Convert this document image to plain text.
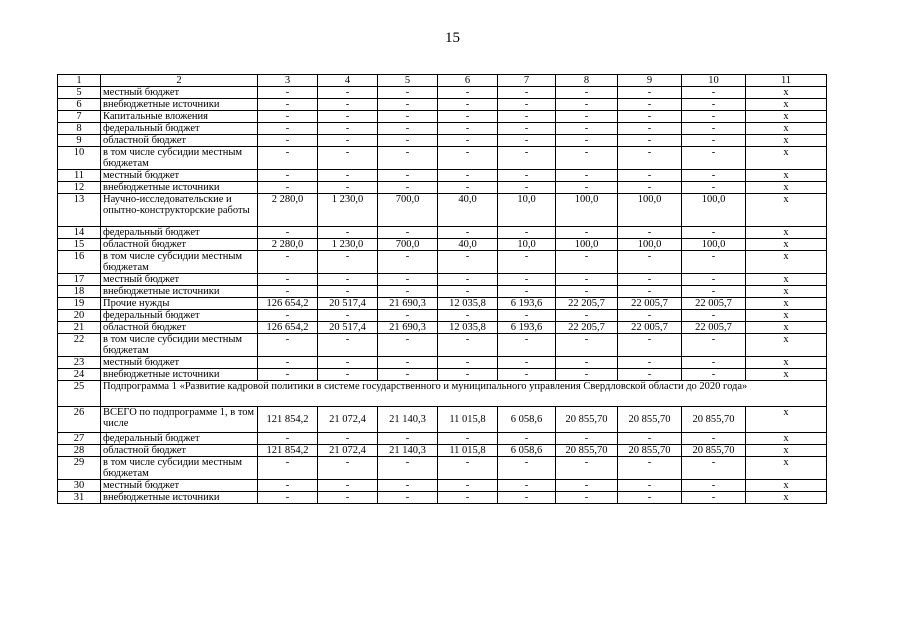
15
1	2	3	4	5	6	7	8	9	10	11
5	местный бюджет	-	-	-	-	-	-	-	-	x
6	внебюджетные источники	-	-	-	-	-	-	-	-	x
7	Капитальные вложения	-	-	-	-	-	-	-	-	x
8	федеральный бюджет	-	-	-	-	-	-	-	-	x
9	областной бюджет	-	-	-	-	-	-	-	-	x
10	в том числе субсидии местным бюджетам	-	-	-	-	-	-	-	-	x
11	местный бюджет	-	-	-	-	-	-	-	-	x
12	внебюджетные источники	-	-	-	-	-	-	-	-	x
13	Научно-исследовательские и опытно-конструкторские работы	2 280,0	1 230,0	700,0	40,0	10,0	100,0	100,0	100,0	x
14	федеральный бюджет	-	-	-	-	-	-	-	-	x
15	областной бюджет	2 280,0	1 230,0	700,0	40,0	10,0	100,0	100,0	100,0	x
16	в том числе субсидии местным бюджетам	-	-	-	-	-	-	-	-	x
17	местный бюджет	-	-	-	-	-	-	-	-	x
18	внебюджетные источники	-	-	-	-	-	-	-	-	x
19	Прочие нужды	126 654,2	20 517,4	21 690,3	12 035,8	6 193,6	22 205,7	22 005,7	22 005,7	x
20	федеральный бюджет	-	-	-	-	-	-	-	-	x
21	областной бюджет	126 654,2	20 517,4	21 690,3	12 035,8	6 193,6	22 205,7	22 005,7	22 005,7	x
22	в том числе субсидии местным бюджетам	-	-	-	-	-	-	-	-	x
23	местный бюджет	-	-	-	-	-	-	-	-	x
24	внебюджетные источники	-	-	-	-	-	-	-	-	x
25	Подпрограмма 1 «Развитие кадровой политики в системе государственного и муниципального управления Свердловской области до 2020 года»									
26	ВСЕГО по подпрограмме 1, в том числе	121 854,2	21 072,4	21 140,3	11 015,8	6 058,6	20 855,70	20 855,70	20 855,70	x
27	федеральный бюджет	-	-	-	-	-	-	-	-	x
28	областной бюджет	121 854,2	21 072,4	21 140,3	11 015,8	6 058,6	20 855,70	20 855,70	20 855,70	x
29	в том числе субсидии местным бюджетам	-	-	-	-	-	-	-	-	x
30	местный бюджет	-	-	-	-	-	-	-	-	x
31	внебюджетные источники	-	-	-	-	-	-	-	-	x
